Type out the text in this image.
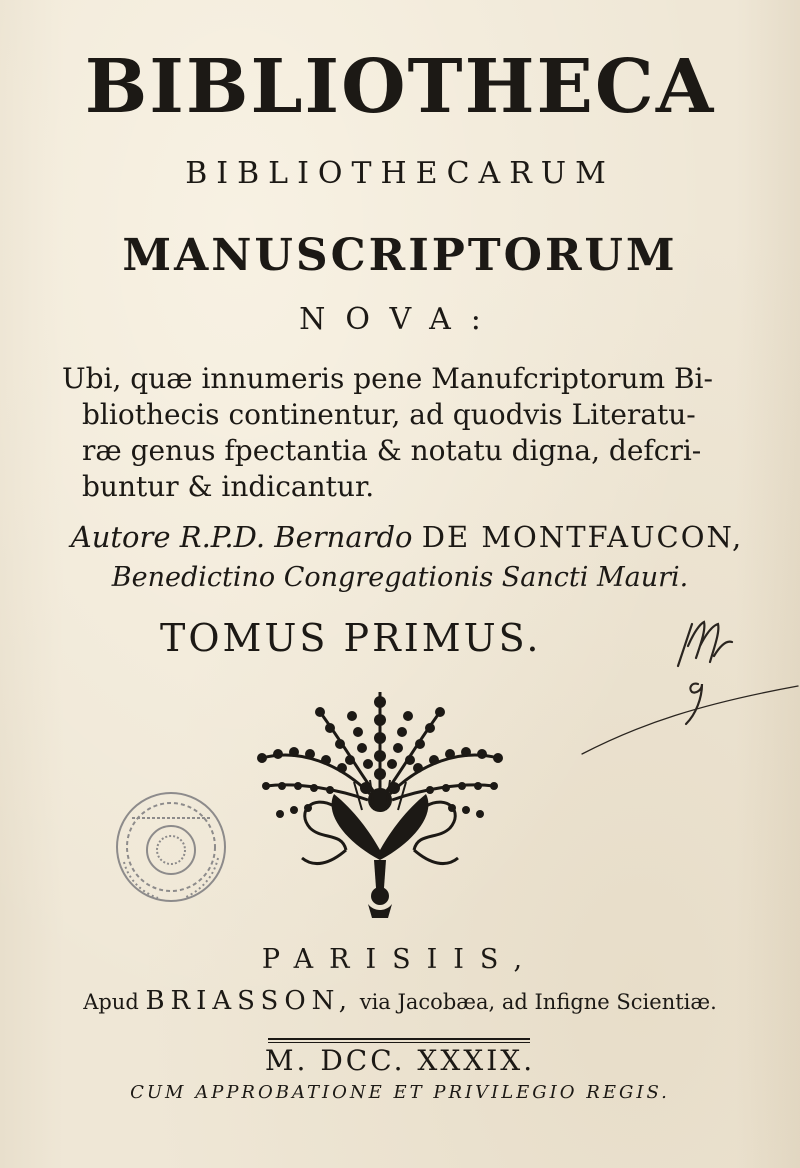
BIBLIOTHECA
BIBLIOTHECARUM
MANUSCRIPTORUM
NOVA:
Ubi, quæ innumeris pene Manufcriptorum Bi-
bliothecis continentur, ad quodvis Literatu-
ræ genus fpectantia & notatu digna, defcri-
buntur & indicantur.
Autore R.P.D. Bernardo DE MONTFAUCON,
Benedictino Congregationis Sancti Mauri.
TOMUS PRIMUS.
PARISIIS,
Apud BRIASSON, via Jacobæa, ad Infigne Scientiæ.
M. DCC. XXXIX.
CUM APPROBATIONE ET PRIVILEGIO REGIS.
